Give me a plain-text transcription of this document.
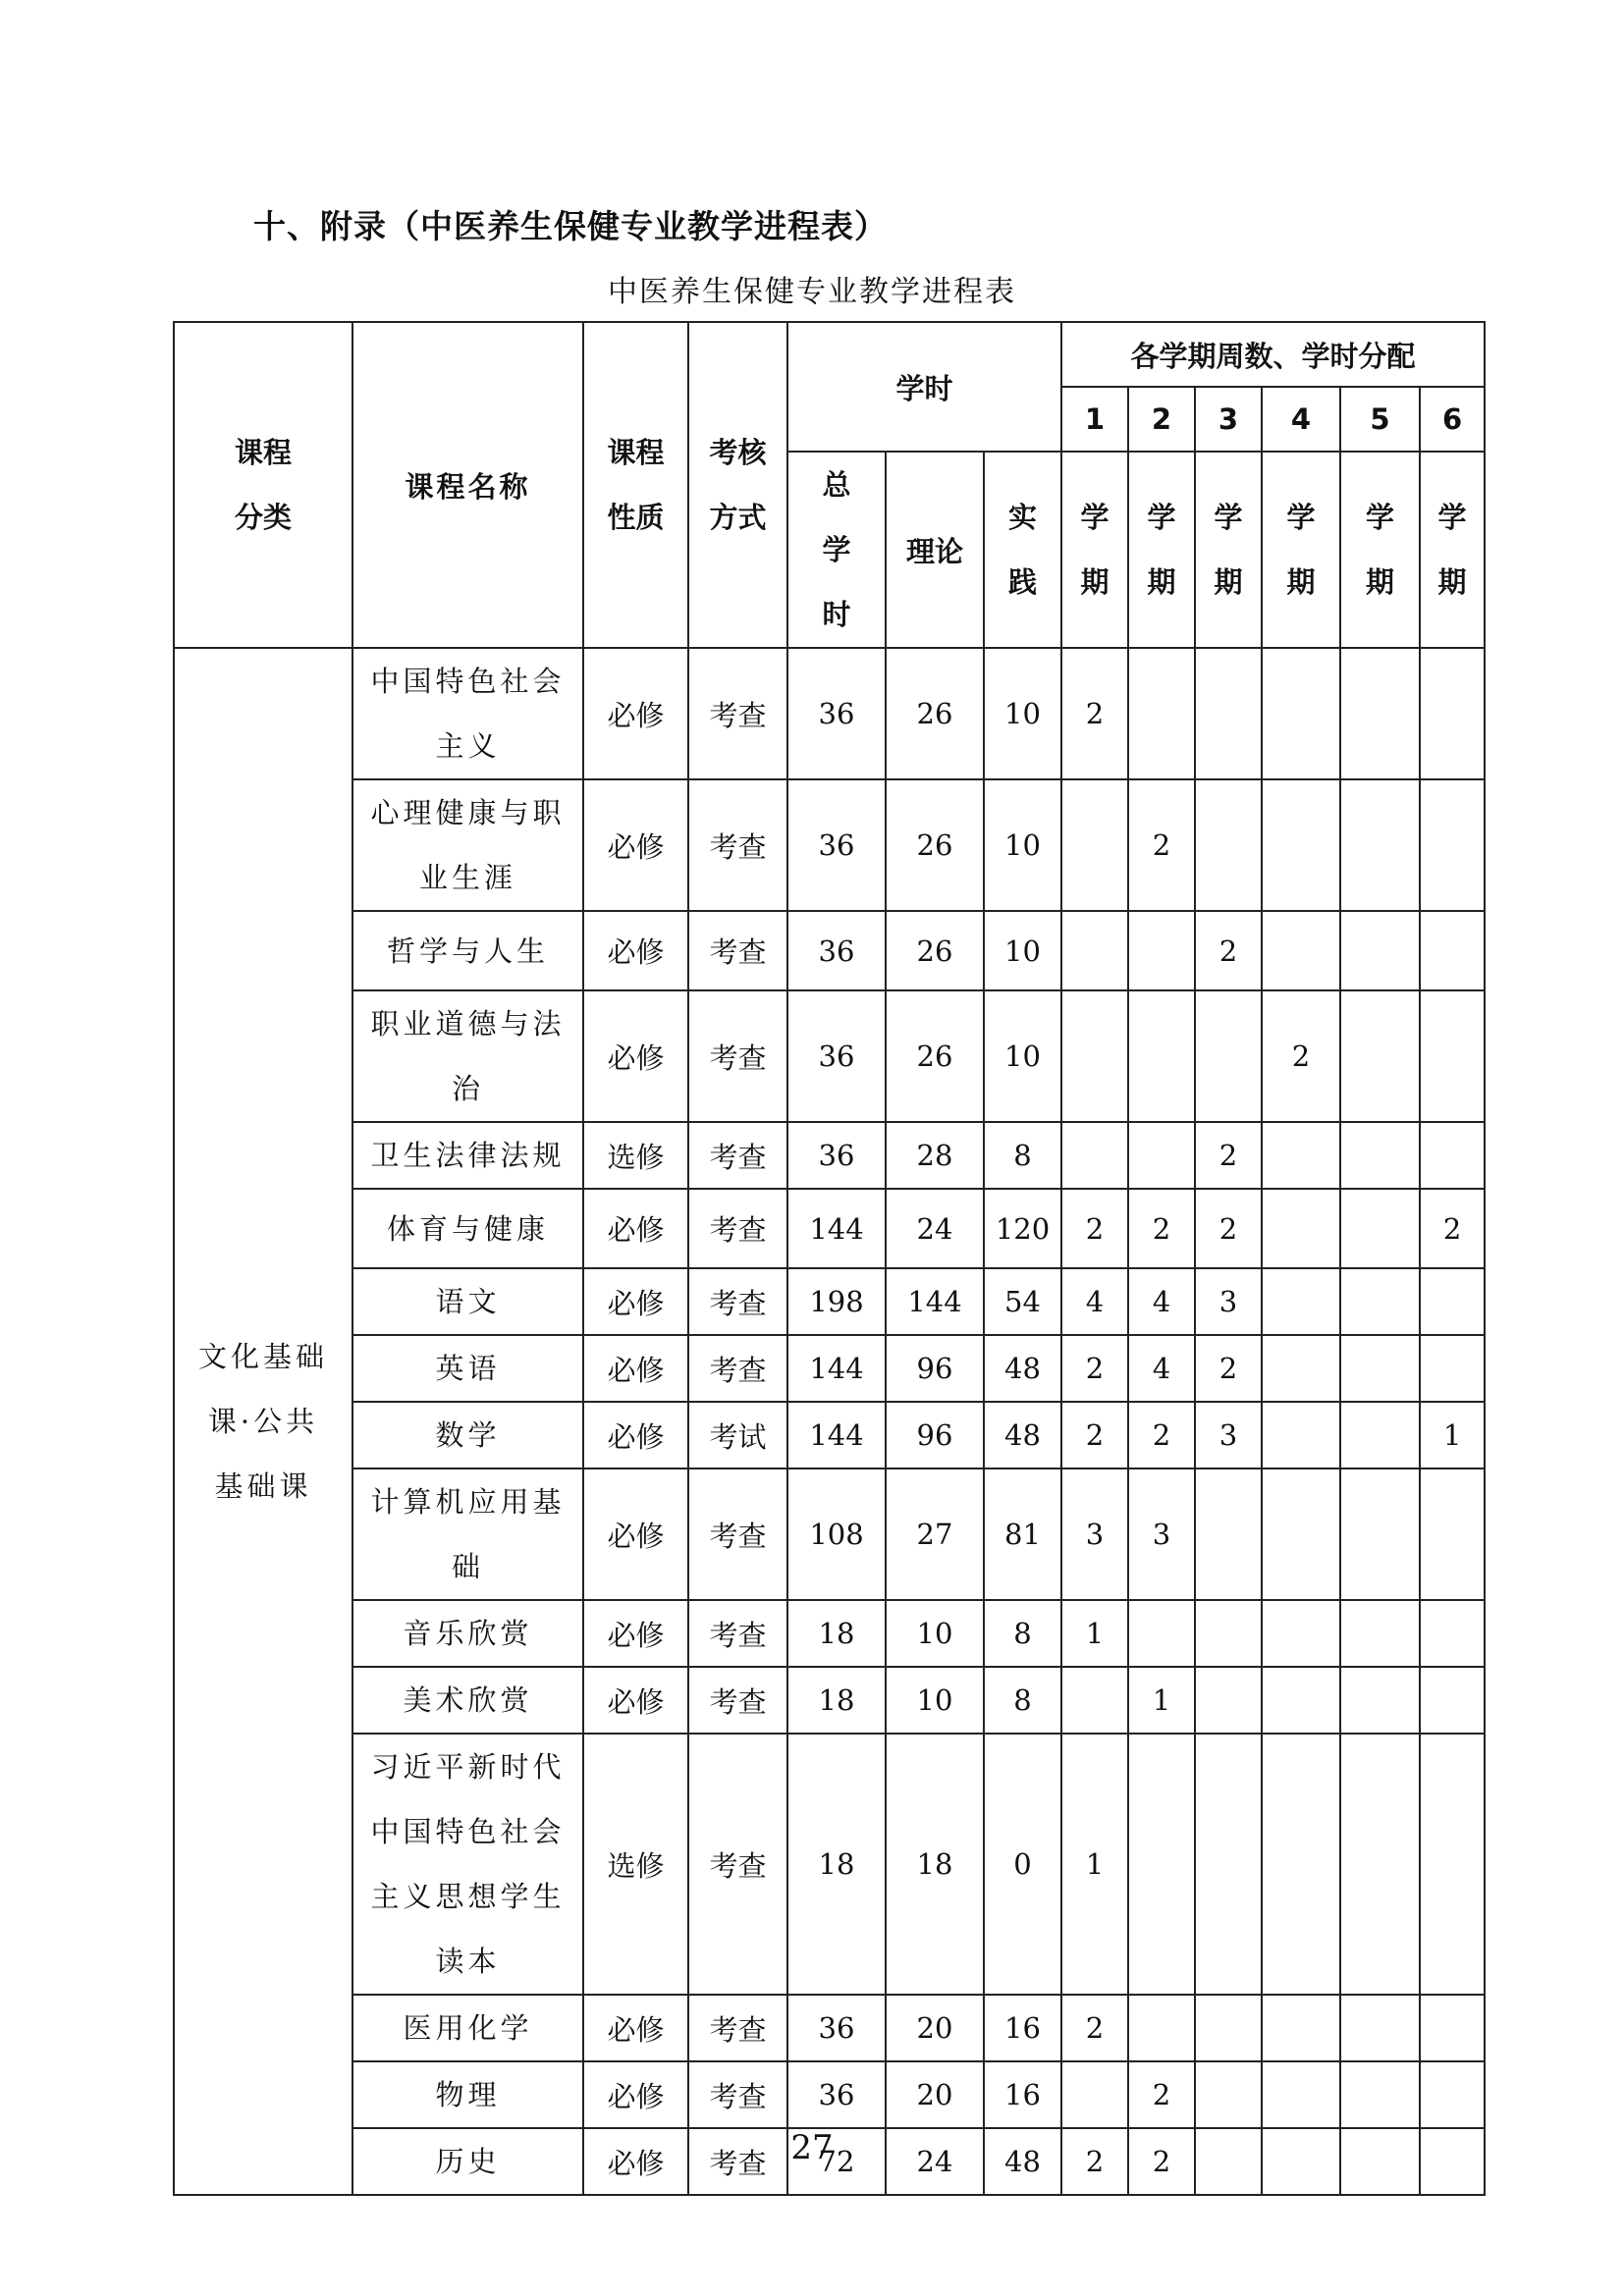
十、附录（中医养生保健专业教学进程表）
中医养生保健专业教学进程表
课程分类	课程名称	课程性质	考核方式	学时			各学期周数、学时分配					
							1	2	3	4	5	6
				总学时	理论	实践	学期	学期	学期	学期	学期	学期
文化基础课·公共基础课	中国特色社会主义	必修	考查	36	26	10	2					
	心理健康与职业生涯	必修	考查	36	26	10		2				
	哲学与人生	必修	考查	36	26	10			2			
	职业道德与法治	必修	考查	36	26	10				2		
	卫生法律法规	选修	考查	36	28	8			2			
	体育与健康	必修	考查	144	24	120	2	2	2			2
	语文	必修	考查	198	144	54	4	4	3			
	英语	必修	考查	144	96	48	2	4	2			
	数学	必修	考试	144	96	48	2	2	3			1
	计算机应用基础	必修	考查	108	27	81	3	3				
	音乐欣赏	必修	考查	18	10	8	1					
	美术欣赏	必修	考查	18	10	8		1				
	习近平新时代中国特色社会主义思想学生读本	选修	考查	18	18	0	1					
	医用化学	必修	考查	36	20	16	2					
	物理	必修	考查	36	20	16		2				
	历史	必修	考查	72	24	48	2	2				
27
